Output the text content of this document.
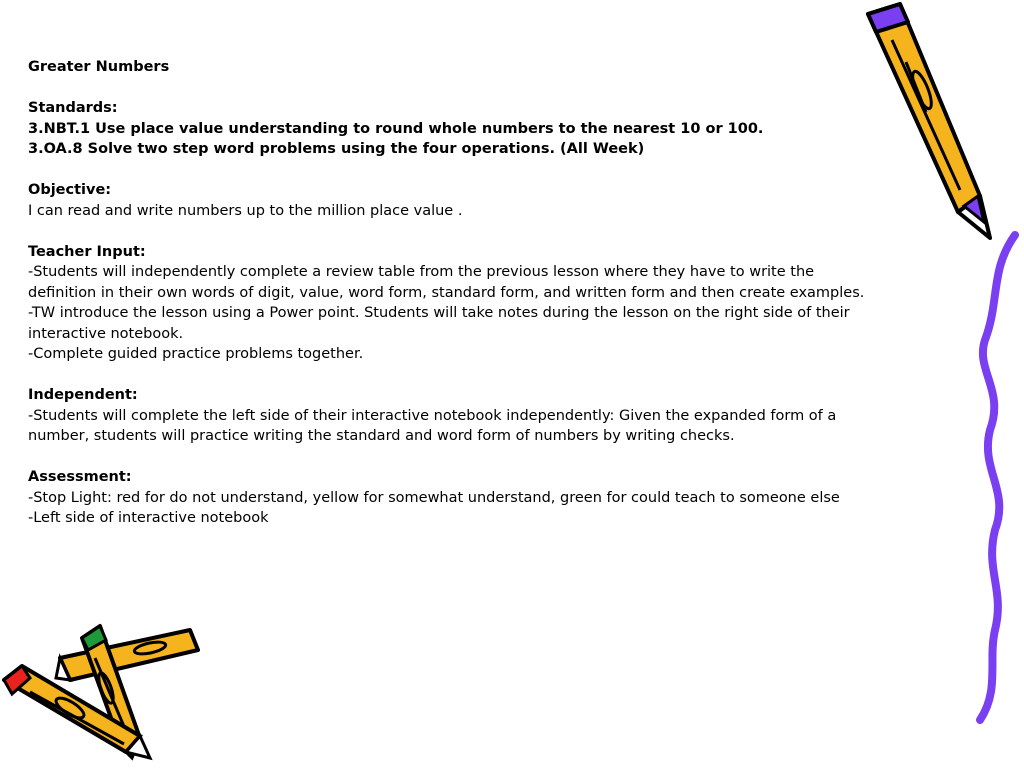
Greater Numbers
Standards:
3.NBT.1 Use place value understanding to round whole numbers to the nearest 10 or 100.
3.OA.8 Solve two step word problems using the four operations. (All Week)
Objective:
I can read and write numbers up to the million place value .
Teacher Input:
-Students will independently complete a review table from the previous lesson where they have to write the definition in their own words of digit, value, word form, standard form, and written form and then create examples.
-TW introduce the lesson using a Power point. Students will take notes during the lesson on the right side of their interactive notebook.
-Complete guided practice problems together.
Independent:
-Students will complete the left side of their interactive notebook independently: Given the expanded form of a number, students will practice writing the standard and word form of numbers by writing checks.
Assessment:
-Stop Light: red for do not understand, yellow for somewhat understand, green for could teach to someone else
-Left side of interactive notebook
